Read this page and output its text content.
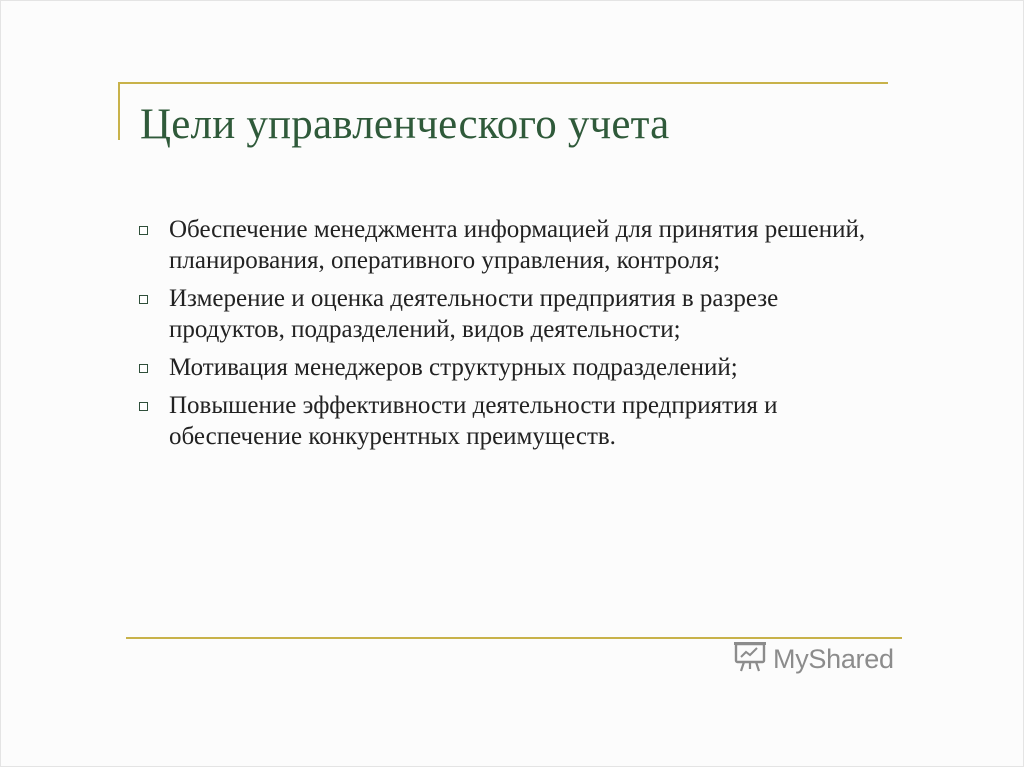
Цели управленческого учета
Обеспечение менеджмента информацией для принятия решений, планирования, оперативного управления, контроля;
Измерение и оценка деятельности предприятия в разрезе продуктов, подразделений, видов деятельности;
Мотивация менеджеров структурных подразделений;
Повышение эффективности деятельности предприятия и обеспечение конкурентных преимуществ.
MyShared
